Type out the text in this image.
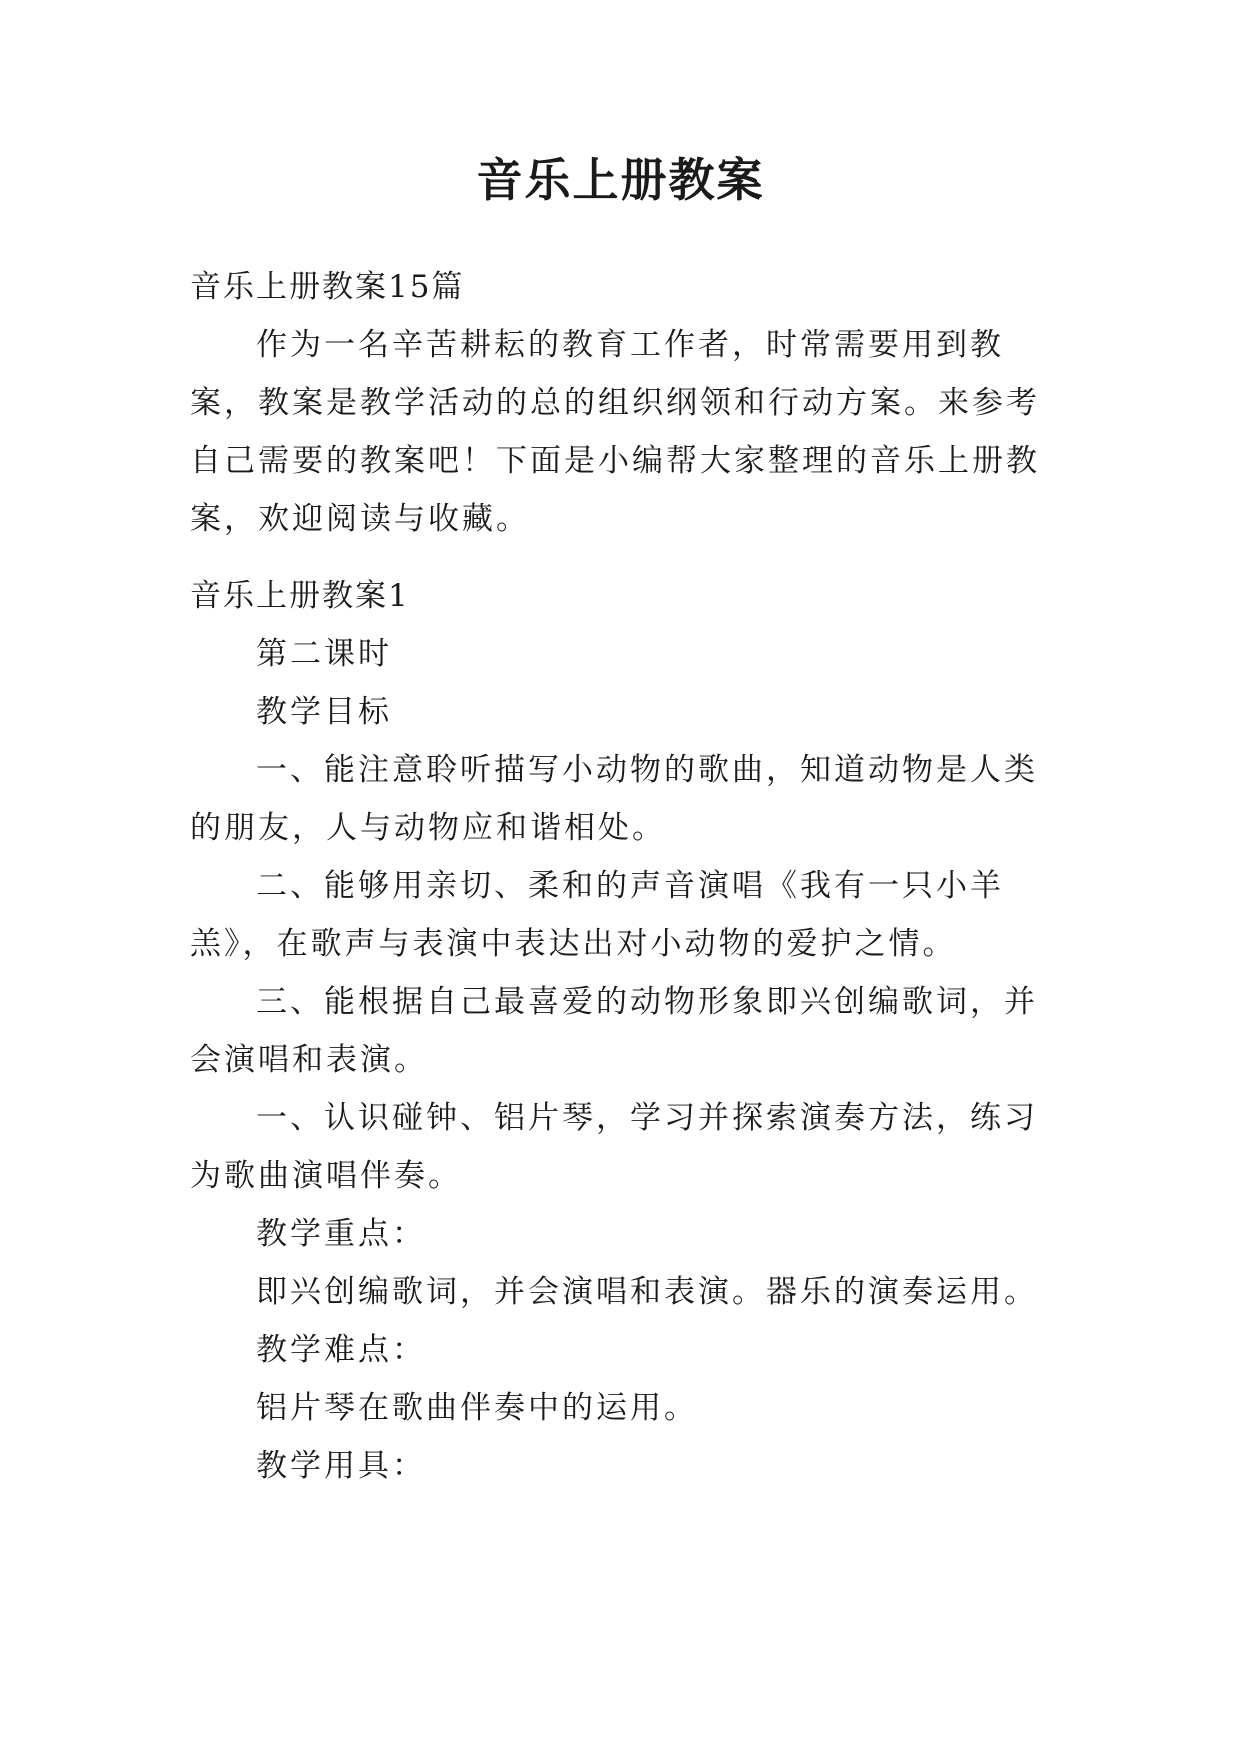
音乐上册教案

音乐上册教案15篇

作为一名辛苦耕耘的教育工作者，时常需要用到教案，教案是教学活动的总的组织纲领和行动方案。来参考自己需要的教案吧！下面是小编帮大家整理的音乐上册教案，欢迎阅读与收藏。

音乐上册教案1

第二课时

教学目标

一、能注意聆听描写小动物的歌曲，知道动物是人类的朋友，人与动物应和谐相处。

二、能够用亲切、柔和的声音演唱《我有一只小羊羔》，在歌声与表演中表达出对小动物的爱护之情。

三、能根据自己最喜爱的动物形象即兴创编歌词，并会演唱和表演。

一、认识碰钟、铝片琴，学习并探索演奏方法，练习为歌曲演唱伴奏。

教学重点：

即兴创编歌词，并会演唱和表演。器乐的演奏运用。

教学难点：

铝片琴在歌曲伴奏中的运用。

教学用具：
